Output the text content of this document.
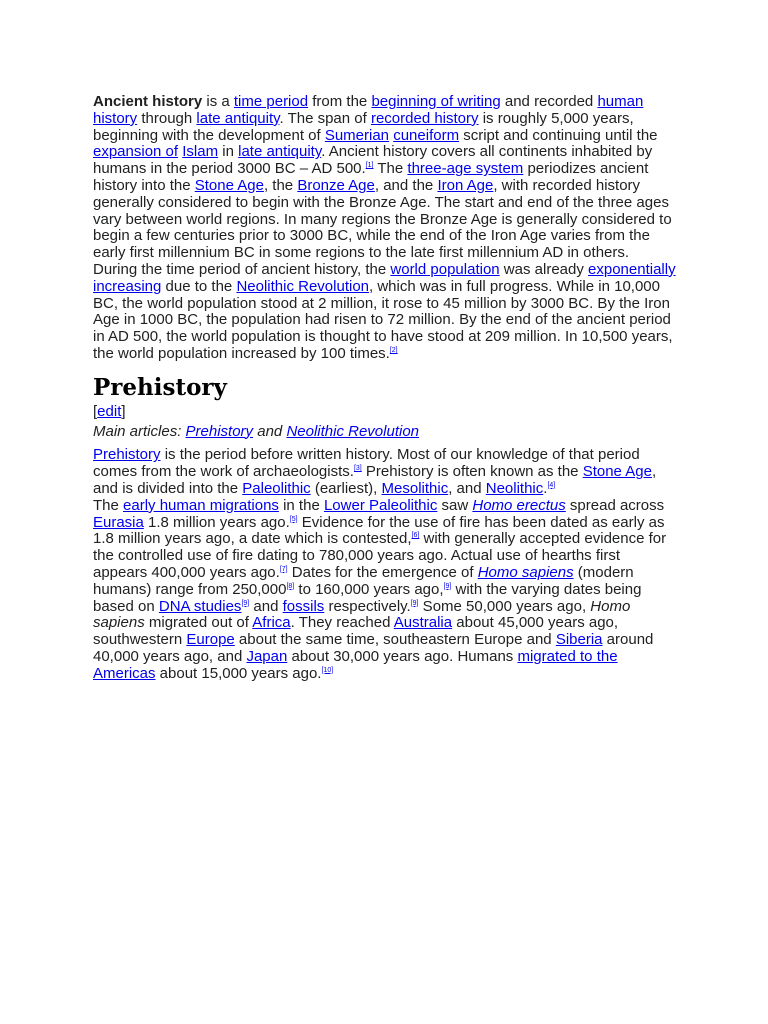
Ancient history is a time period from the beginning of writing and recorded human history through late antiquity. The span of recorded history is roughly 5,000 years, beginning with the development of Sumerian cuneiform script and continuing until the expansion of Islam in late antiquity. Ancient history covers all continents inhabited by humans in the period 3000 BC – AD 500.[1] The three-age system periodizes ancient history into the Stone Age, the Bronze Age, and the Iron Age, with recorded history generally considered to begin with the Bronze Age. The start and end of the three ages vary between world regions. In many regions the Bronze Age is generally considered to begin a few centuries prior to 3000 BC, while the end of the Iron Age varies from the early first millennium BC in some regions to the late first millennium AD in others.

During the time period of ancient history, the world population was already exponentially increasing due to the Neolithic Revolution, which was in full progress. While in 10,000 BC, the world population stood at 2 million, it rose to 45 million by 3000 BC. By the Iron Age in 1000 BC, the population had risen to 72 million. By the end of the ancient period in AD 500, the world population is thought to have stood at 209 million. In 10,500 years, the world population increased by 100 times.[2]

Prehistory
[edit]
Main articles: Prehistory and Neolithic Revolution

Prehistory is the period before written history. Most of our knowledge of that period comes from the work of archaeologists.[3] Prehistory is often known as the Stone Age, and is divided into the Paleolithic (earliest), Mesolithic, and Neolithic.[4]

The early human migrations in the Lower Paleolithic saw Homo erectus spread across Eurasia 1.8 million years ago.[5] Evidence for the use of fire has been dated as early as 1.8 million years ago, a date which is contested,[6] with generally accepted evidence for the controlled use of fire dating to 780,000 years ago. Actual use of hearths first appears 400,000 years ago.[7] Dates for the emergence of Homo sapiens (modern humans) range from 250,000[8] to 160,000 years ago,[9] with the varying dates being based on DNA studies[9] and fossils respectively.[9] Some 50,000 years ago, Homo sapiens migrated out of Africa. They reached Australia about 45,000 years ago, southwestern Europe about the same time, southeastern Europe and Siberia around 40,000 years ago, and Japan about 30,000 years ago. Humans migrated to the Americas about 15,000 years ago.[10]
